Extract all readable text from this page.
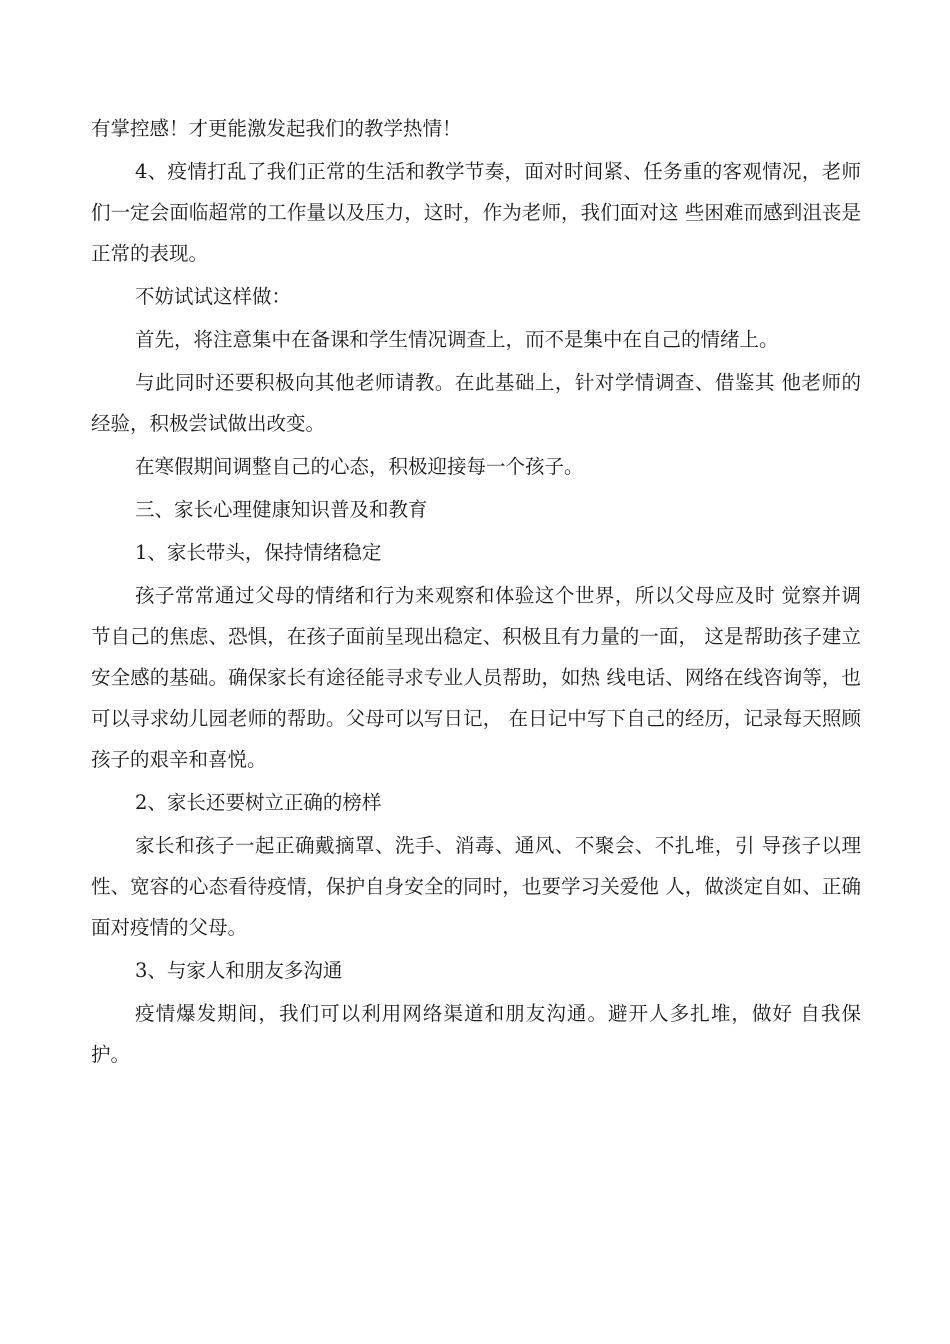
有掌控感！才更能激发起我们的教学热情！

4、疫情打乱了我们正常的生活和教学节奏，面对时间紧、任务重的客观情况，老师们一定会面临超常的工作量以及压力，这时，作为老师，我们面对这 些困难而感到沮丧是正常的表现。

不妨试试这样做：

首先，将注意集中在备课和学生情况调查上，而不是集中在自己的情绪上。

与此同时还要积极向其他老师请教。在此基础上，针对学情调查、借鉴其 他老师的经验，积极尝试做出改变。

在寒假期间调整自己的心态，积极迎接每一个孩子。

三、家长心理健康知识普及和教育

1、家长带头，保持情绪稳定

孩子常常通过父母的情绪和行为来观察和体验这个世界，所以父母应及时 觉察并调节自己的焦虑、恐惧，在孩子面前呈现出稳定、积极且有力量的一面， 这是帮助孩子建立安全感的基础。确保家长有途径能寻求专业人员帮助，如热 线电话、网络在线咨询等，也可以寻求幼儿园老师的帮助。父母可以写日记， 在日记中写下自己的经历，记录每天照顾孩子的艰辛和喜悦。

2、家长还要树立正确的榜样

家长和孩子一起正确戴摘罩、洗手、消毒、通风、不聚会、不扎堆，引 导孩子以理性、宽容的心态看待疫情，保护自身安全的同时，也要学习关爱他 人，做淡定自如、正确面对疫情的父母。

3、与家人和朋友多沟通

疫情爆发期间，我们可以利用网络渠道和朋友沟通。避开人多扎堆，做好 自我保护。
